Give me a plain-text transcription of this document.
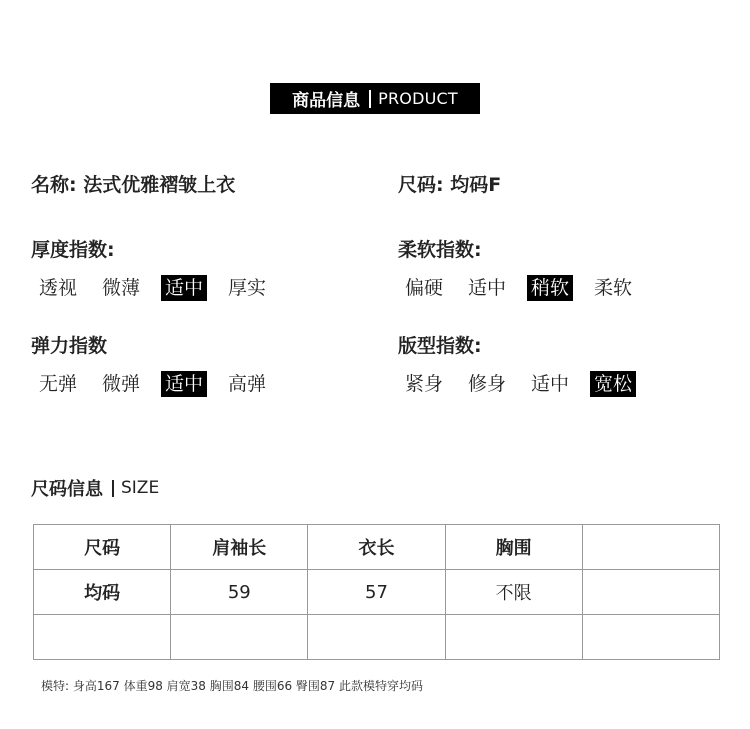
商品信息 PRODUCT
名称: 法式优雅褶皱上衣	尺码: 均码F
厚度指数:
透视 微薄 适中 厚实
柔软指数:
偏硬 适中 稍软 柔软
弹力指数
无弹 微弹 适中 高弹
版型指数:
紧身 修身 适中 宽松
尺码信息 SIZE
尺码	肩袖长	衣长	胸围	
均码	59	57	不限	

模特: 身高167 体重98 肩宽38 胸围84 腰围66 臀围87 此款模特穿均码
